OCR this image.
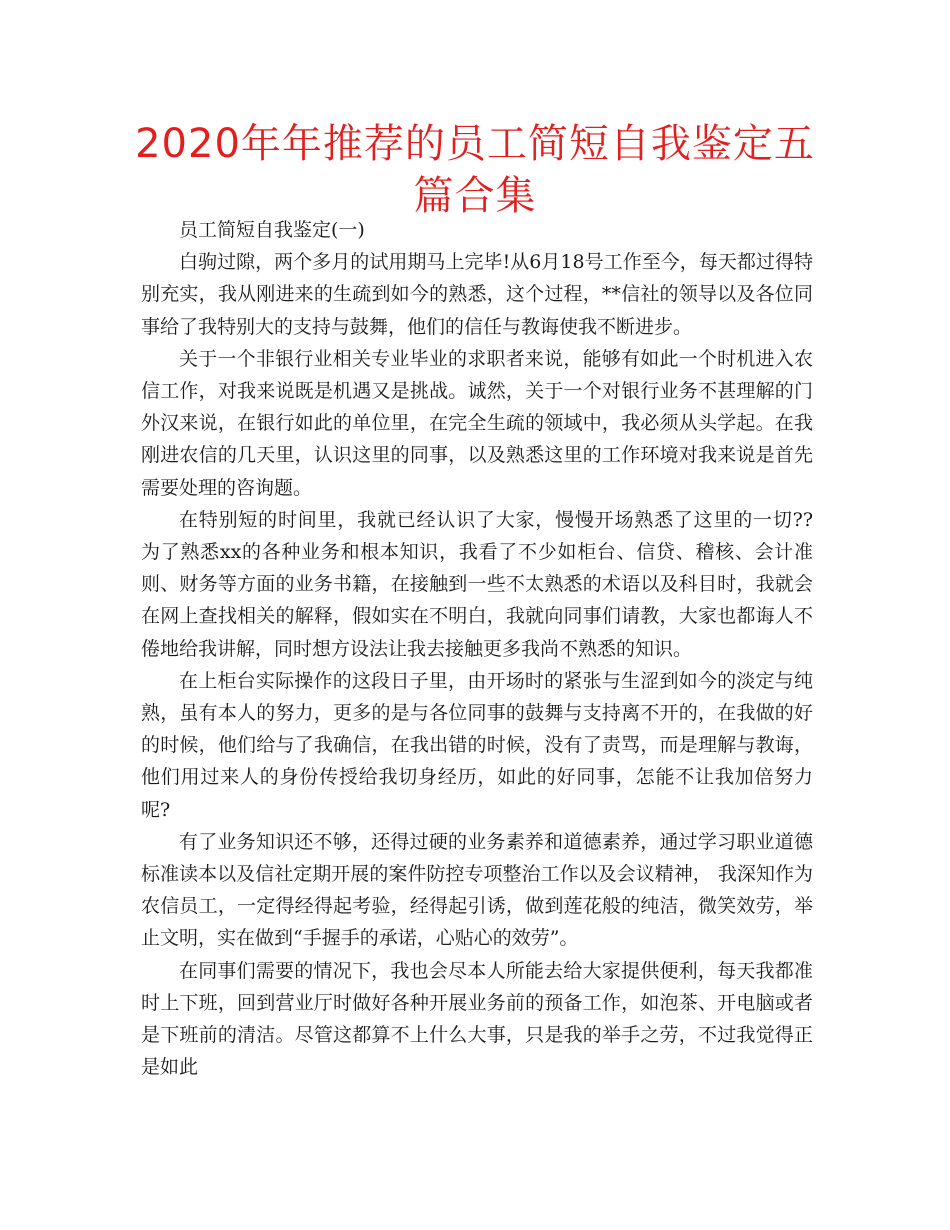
2020年年推荐的员工简短自我鉴定五篇合集

员工简短自我鉴定(一)

白驹过隙，两个多月的试用期马上完毕!从6月18号工作至今，每天都过得特别充实，我从刚进来的生疏到如今的熟悉，这个过程，**信社的领导以及各位同事给了我特别大的支持与鼓舞，他们的信任与教诲使我不断进步。

关于一个非银行业相关专业毕业的求职者来说，能够有如此一个时机进入农信工作，对我来说既是机遇又是挑战。诚然，关于一个对银行业务不甚理解的门外汉来说，在银行如此的单位里，在完全生疏的领域中，我必须从头学起。在我刚进农信的几天里，认识这里的同事，以及熟悉这里的工作环境对我来说是首先需要处理的咨询题。

在特别短的时间里，我就已经认识了大家，慢慢开场熟悉了这里的一切?? 为了熟悉xx的各种业务和根本知识，我看了不少如柜台、信贷、稽核、会计准则、财务等方面的业务书籍，在接触到一些不太熟悉的术语以及科目时，我就会在网上查找相关的解释，假如实在不明白，我就向同事们请教，大家也都诲人不倦地给我讲解，同时想方设法让我去接触更多我尚不熟悉的知识。

在上柜台实际操作的这段日子里，由开场时的紧张与生涩到如今的淡定与纯熟，虽有本人的努力，更多的是与各位同事的鼓舞与支持离不开的，在我做的好的时候，他们给与了我确信，在我出错的时候，没有了责骂，而是理解与教诲，他们用过来人的身份传授给我切身经历，如此的好同事，怎能不让我加倍努力呢?

有了业务知识还不够，还得过硬的业务素养和道德素养，通过学习职业道德标准读本以及信社定期开展的案件防控专项整治工作以及会议精神， 我深知作为农信员工，一定得经得起考验，经得起引诱，做到莲花般的纯洁，微笑效劳，举止文明，实在做到“手握手的承诺，心贴心的效劳”。

在同事们需要的情况下，我也会尽本人所能去给大家提供便利，每天我都准时上下班，回到营业厅时做好各种开展业务前的预备工作，如泡茶、开电脑或者是下班前的清洁。尽管这都算不上什么大事，只是我的举手之劳，不过我觉得正是如此
